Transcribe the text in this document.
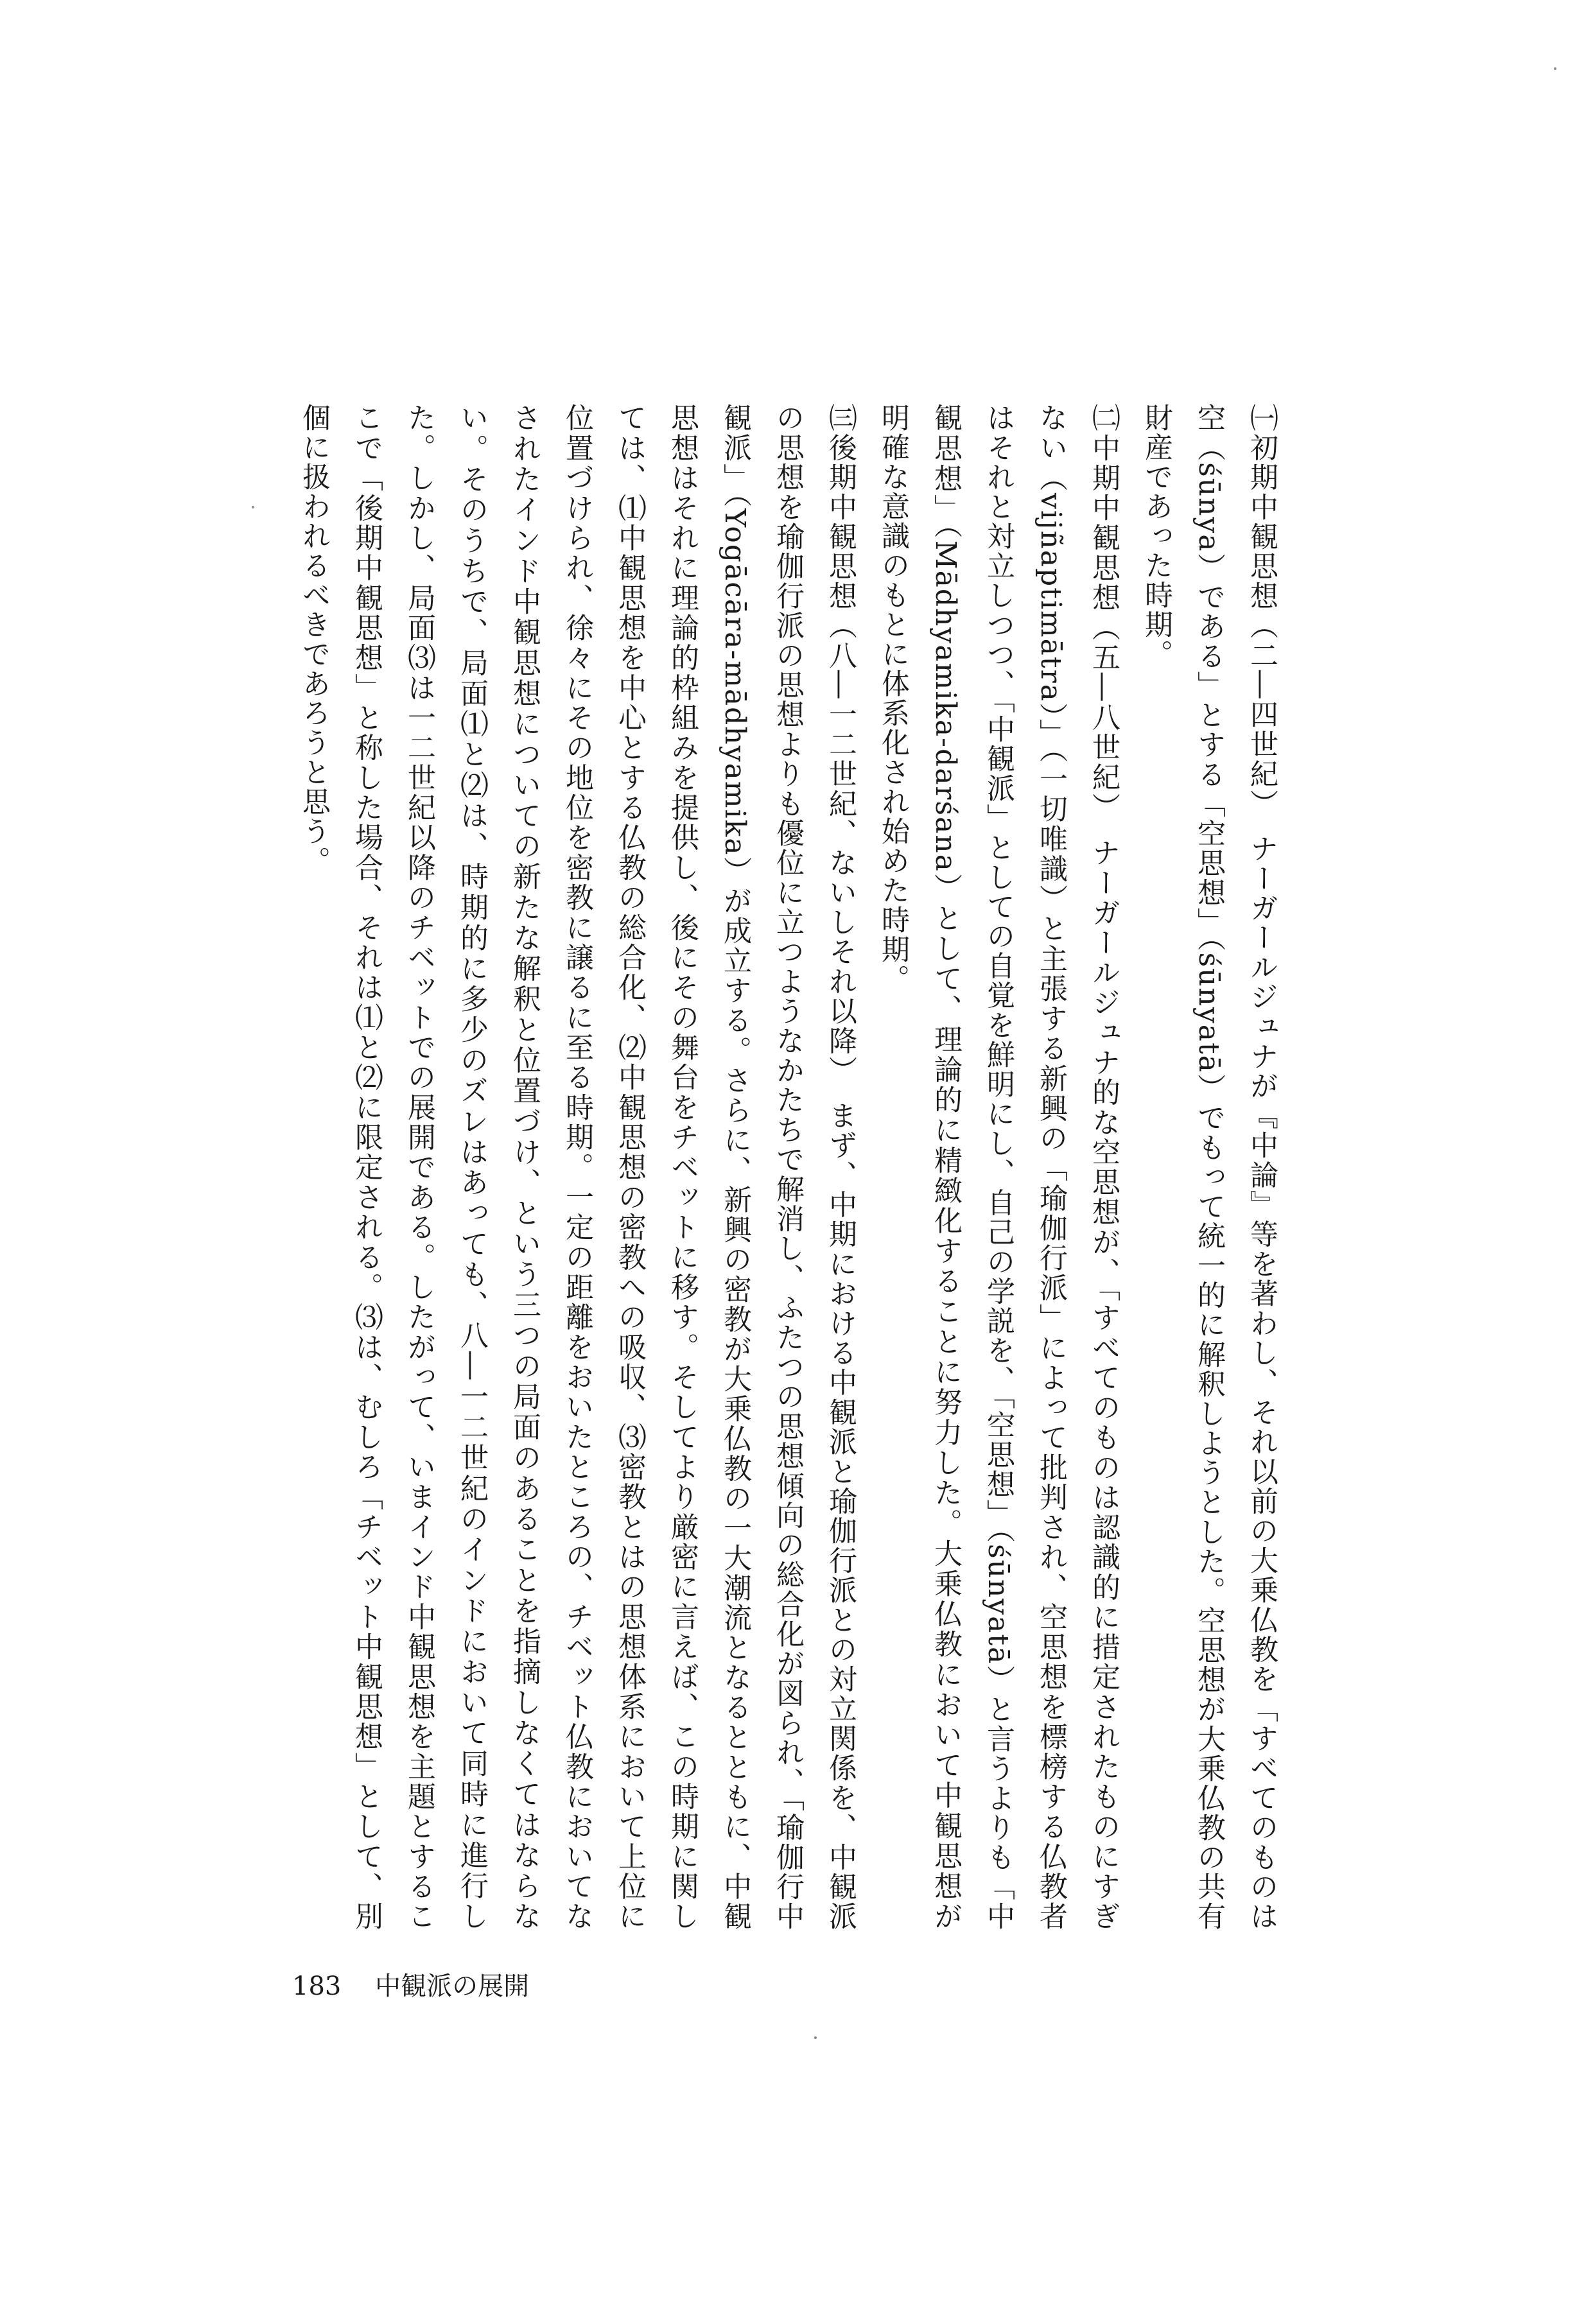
㈠初期中観思想（二―四世紀）　ナーガールジュナが『中論』等を著わし、それ以前の大乗仏教を「すべてのものは空（śūnya）である」とする「空思想」（śūnyatā）でもって統一的に解釈しようとした。空思想が大乗仏教の共有財産であった時期。

㈡中期中観思想（五―八世紀）　ナーガールジュナ的な空思想が、「すべてのものは認識的に措定されたものにすぎない（vijñaptimātra）」（一切唯識）と主張する新興の「瑜伽行派」によって批判され、空思想を標榜する仏教者はそれと対立しつつ、「中観派」としての自覚を鮮明にし、自己の学説を、「空思想」（śūnyatā）と言うよりも「中観思想」（Mādhyamika-darśana）として、理論的に精緻化することに努力した。大乗仏教において中観思想が明確な意識のもとに体系化され始めた時期。

㈢後期中観思想（八―一二世紀、ないしそれ以降）　まず、中期における中観派と瑜伽行派との対立関係を、中観派の思想を瑜伽行派の思想よりも優位に立つようなかたちで解消し、ふたつの思想傾向の総合化が図られ、「瑜伽行中観派」（Yogācāra-mādhyamika）が成立する。さらに、新興の密教が大乗仏教の一大潮流となるとともに、中観思想はそれに理論的枠組みを提供し、後にその舞台をチベットに移す。そしてより厳密に言えば、この時期に関しては、⑴中観思想を中心とする仏教の総合化、⑵中観思想の密教への吸収、⑶密教とはの思想体系において上位に位置づけられ、徐々にその地位を密教に譲るに至る時期。一定の距離をおいたところの、チベット仏教においてなされたインド中観思想についての新たな解釈と位置づけ、という三つの局面のあることを指摘しなくてはならない。そのうちで、局面⑴と⑵は、時期的に多少のズレはあっても、八―一二世紀のインドにおいて同時に進行した。しかし、局面⑶は一二世紀以降のチベットでの展開である。したがって、いまインド中観思想を主題とするここで「後期中観思想」と称した場合、それは⑴と⑵に限定される。⑶は、むしろ「チベット中観思想」として、別個に扱われるべきであろうと思う。

183 中観派の展開
